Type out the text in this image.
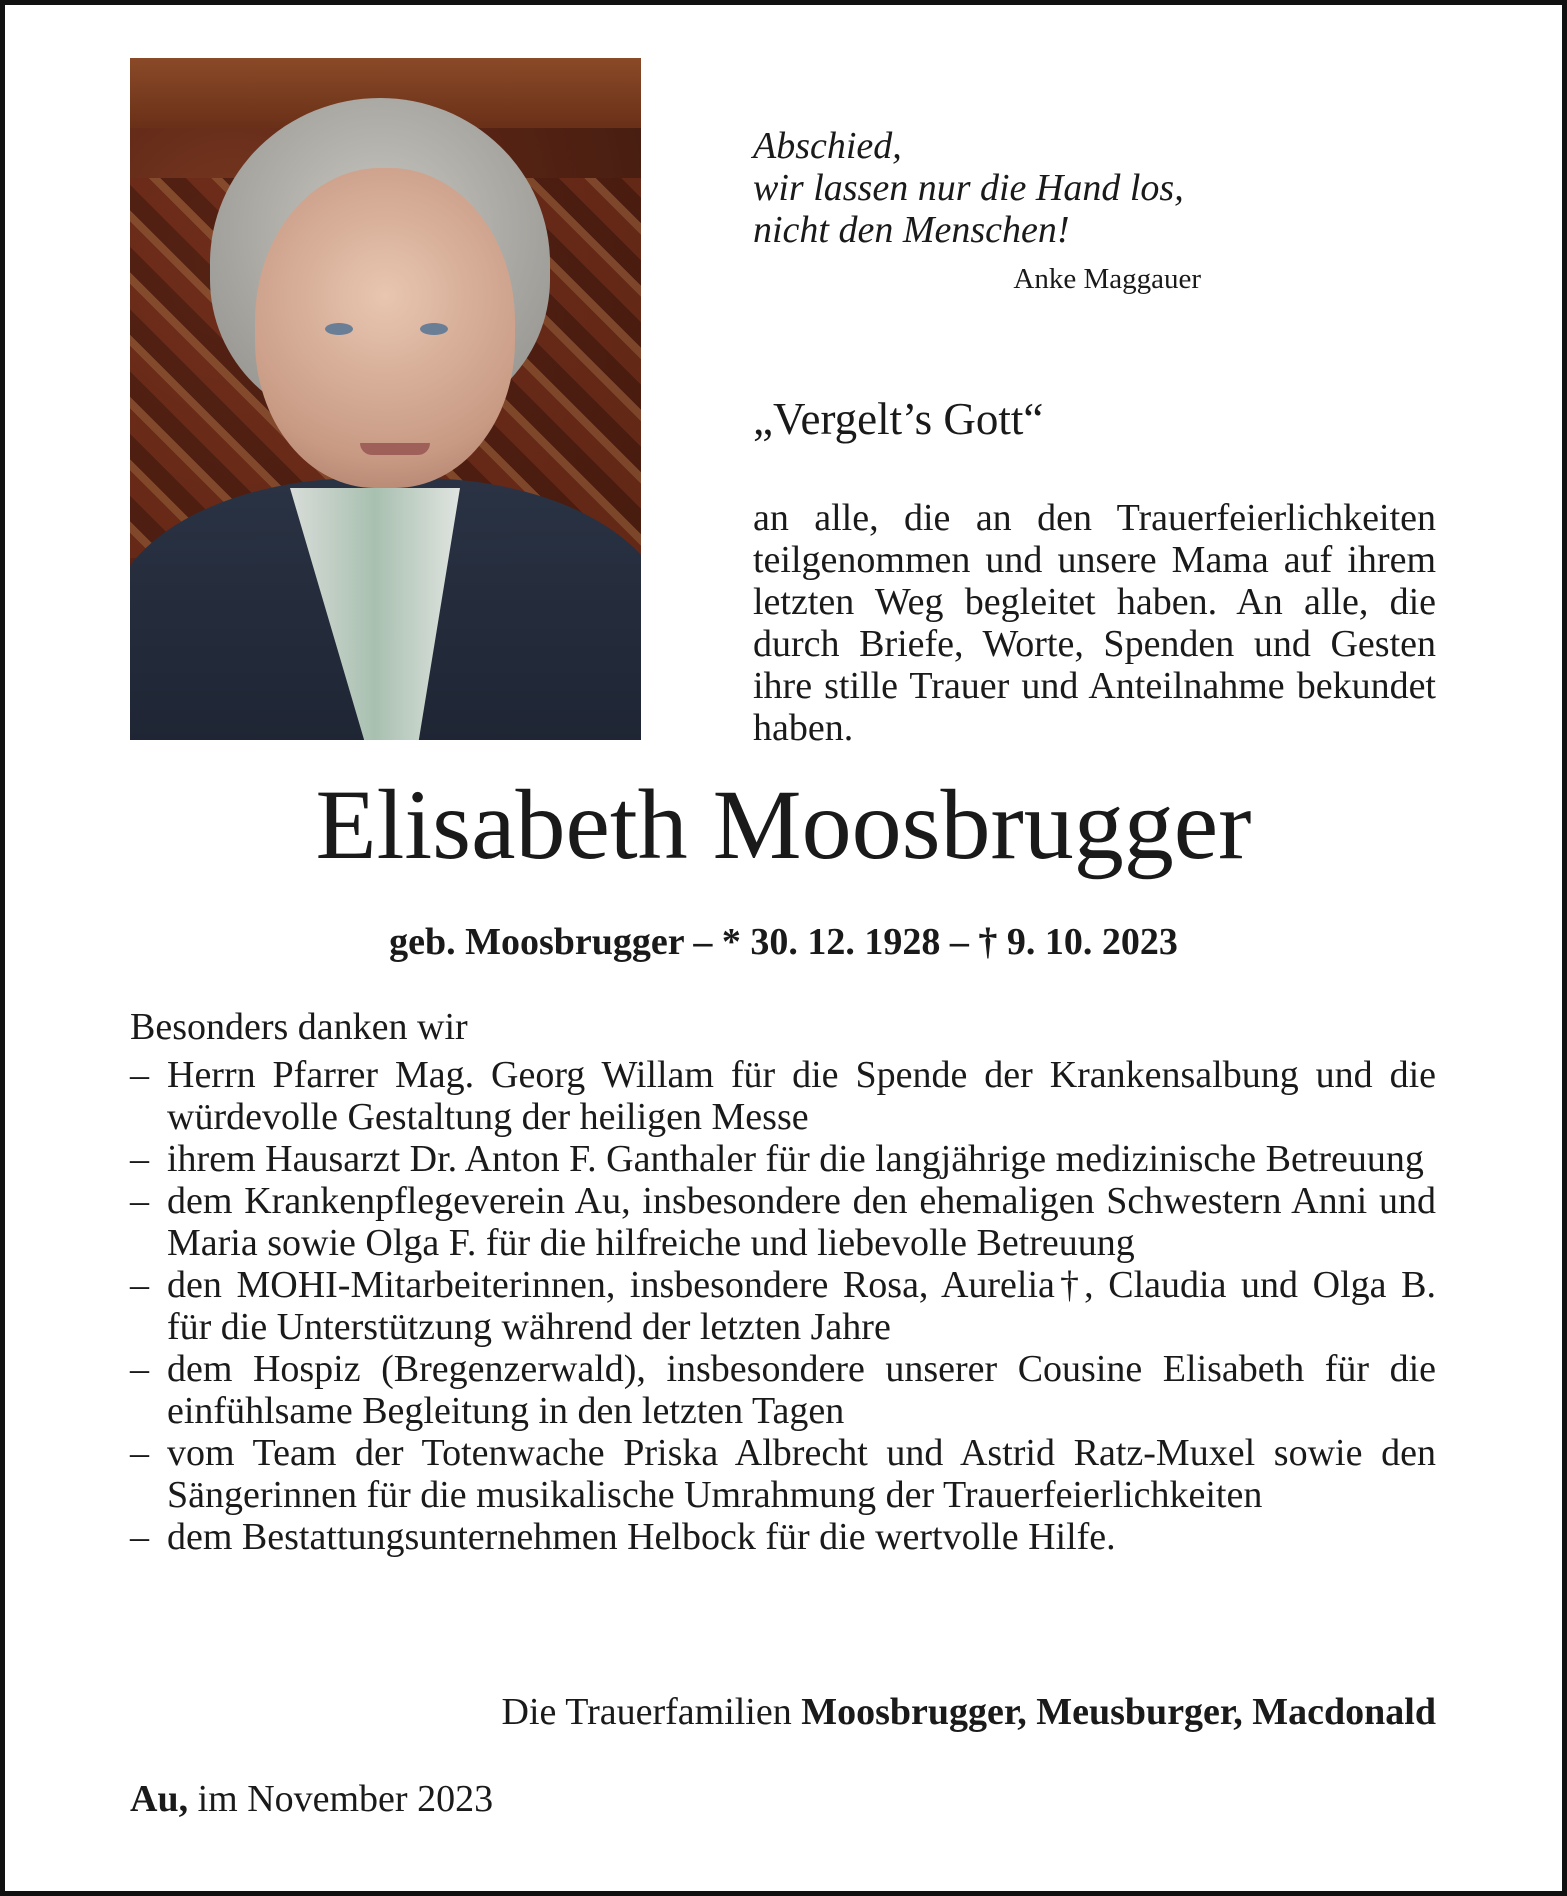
Abschied,
wir lassen nur die Hand los,
nicht den Menschen!
Anke Maggauer
„Vergelt’s Gott“
an alle, die an den Trauerfeierlichkeiten teilgenommen und unsere Mama auf ihrem letzten Weg begleitet haben. An alle, die durch Briefe, Worte, Spenden und Gesten ihre stille Trauer und Anteilnahme bekundet haben.
Elisabeth Moosbrugger
geb. Moosbrugger – * 30. 12. 1928 – † 9. 10. 2023
Besonders danken wir
– Herrn Pfarrer Mag. Georg Willam für die Spende der Krankensalbung und die würdevolle Gestaltung der heiligen Messe
– ihrem Hausarzt Dr. Anton F. Ganthaler für die langjährige medizinische Betreuung
– dem Krankenpflegeverein Au, insbesondere den ehemaligen Schwestern Anni und Maria sowie Olga F. für die hilfreiche und liebevolle Betreuung
– den MOHI-Mitarbeiterinnen, insbesondere Rosa, Aurelia†, Claudia und Olga B. für die Unterstützung während der letzten Jahre
– dem Hospiz (Bregenzerwald), insbesondere unserer Cousine Elisabeth für die einfühlsame Begleitung in den letzten Tagen
– vom Team der Totenwache Priska Albrecht und Astrid Ratz-Muxel sowie den Sängerinnen für die musikalische Umrahmung der Trauerfeierlichkeiten
– dem Bestattungsunternehmen Helbock für die wertvolle Hilfe.
Die Trauerfamilien Moosbrugger, Meusburger, Macdonald
Au, im November 2023
